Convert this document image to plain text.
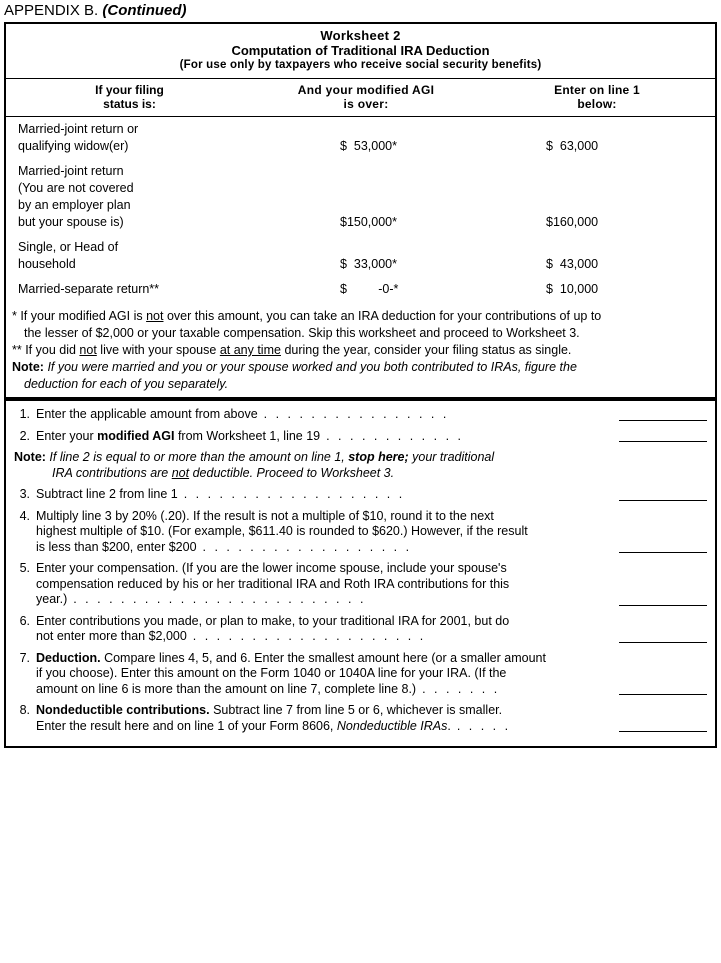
APPENDIX B. (Continued)
Worksheet 2
Computation of Traditional IRA Deduction
(For use only by taxpayers who receive social security benefits)
If your filing
status is:
And your modified AGI
is over:
Enter on line 1
below:
Married-joint return or
qualifying widow(er)	$  53,000*	$  63,000
Married-joint return
(You are not covered
by an employer plan
but your spouse is)	$150,000*	$160,000
Single, or Head of
household	$  33,000*	$  43,000
Married-separate return**	$         -0-*	$  10,000

* If your modified AGI is not over this amount, you can take an IRA deduction for your contributions of up to

the lesser of $2,000 or your taxable compensation. Skip this worksheet and proceed to Worksheet 3.

** If you did not live with your spouse at any time during the year, consider your filing status as single.

Note: If you were married and you or your spouse worked and you both contributed to IRAs, figure the

deduction for each of you separately.

1. Enter the applicable amount from above . . . . . . . . . . . . . . . .
2. Enter your modified AGI from Worksheet 1, line 19 . . . . . . . . . . . .
Note: If line 2 is equal to or more than the amount on line 1, stop here; your traditional
IRA contributions are not deductible. Proceed to Worksheet 3.
3. Subtract line 2 from line 1 . . . . . . . . . . . . . . . . . . .
4. Multiply line 3 by 20% (.20). If the result is not a multiple of $10, round it to the next
highest multiple of $10. (For example, $611.40 is rounded to $620.) However, if the result
is less than $200, enter $200 . . . . . . . . . . . . . . . . . .
5. Enter your compensation. (If you are the lower income spouse, include your spouse's
compensation reduced by his or her traditional IRA and Roth IRA contributions for this
year.) . . . . . . . . . . . . . . . . . . . . . . . . .
6. Enter contributions you made, or plan to make, to your traditional IRA for 2001, but do
not enter more than $2,000 . . . . . . . . . . . . . . . . . . . .
7. Deduction. Compare lines 4, 5, and 6. Enter the smallest amount here (or a smaller amount
if you choose). Enter this amount on the Form 1040 or 1040A line for your IRA. (If the
amount on line 6 is more than the amount on line 7, complete line 8.) . . . . . . .
8. Nondeductible contributions. Subtract line 7 from line 5 or 6, whichever is smaller.
Enter the result here and on line 1 of your Form 8606, Nondeductible IRAs. . . . . .
